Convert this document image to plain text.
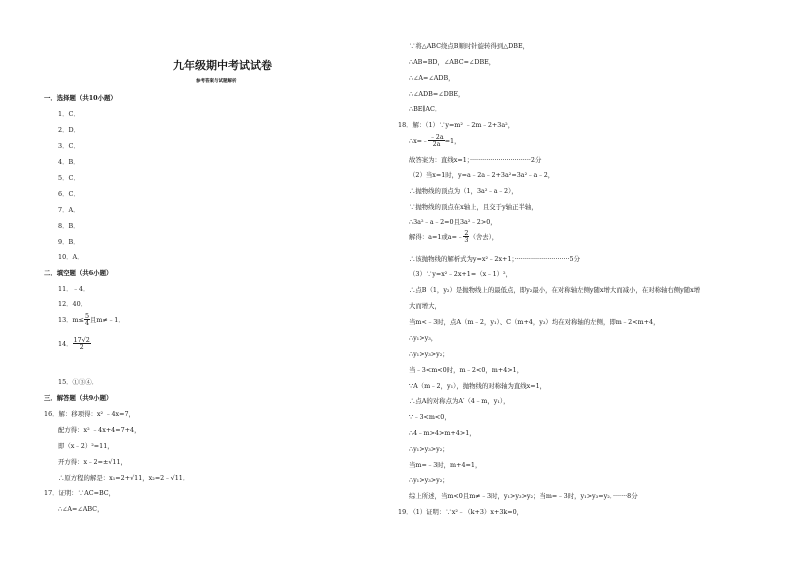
九年级期中考试试卷
参考答案与试题解析
一．选择题（共10小题）
1．C．
2．D．
3．C．
4．B．
5．C．
6．C．
7．A．
8．B．
9．B．
10．A．
二．填空题（共6小题）
11．﹣4．
12．40．
13．$m\le \frac{5}{4}$ 且m≠﹣1．
14． $\frac{17√2}{2}$
15．①③④．
三．解答题（共9小题）
16．解：移项得：x² ﹣4x=7，
配方得：x² ﹣4x+4=7+4，
即（x﹣2）²=11，
开方得：x﹣2=±√11，
∴原方程的解是：x₁=2+√11，x₂=2﹣√11．
17．证明：∵AC=BC，
∴∠A=∠ABC，
∵将△ABC绕点B顺时针旋转得到△DBE，
∴AB=BD，∠ABC=∠DBE，
∴∠A=∠ADB，
∴∠ADB=∠DBE，
∴BE∥AC．
18．解：（1）∵y=m² ﹣2m﹣2+3a²，
∴x=﹣ $\frac{﹣2a}{2a} =1$，
故答案为：直线x=1；······························2分
（2）当x=1时，y=a﹣2a﹣2+3a²=3a²﹣a﹣2，
∴抛物线的顶点为（1，3a²﹣a﹣2），
∵抛物线的顶点在x轴上，且交于y轴正半轴，
∴3a²﹣a﹣2=0且3a²﹣2>0，
解得：a=1或a=﹣ $\frac{2}{3}$ （舍去），
∴该抛物线的解析式为y=x²﹣2x+1；···························5分
（3）∵y=x²﹣2x+1=（x﹣1）²，
∴点B（1，y₂）是抛物线上的最低点，即y₂最小，在对称轴左侧y随x增大而减小，在对称轴右侧y随x增
大而增大，
当m<﹣3时，点A（m﹣2，y₁）、C（m+4，y₃）均在对称轴的左侧，即m﹣2<m+4，
∴y₁>y₃，
∴y₁>y₃>y₂；
当﹣3<m<0时，m﹣2<0，m+4>1，
∵A（m﹣2，y₁），抛物线的对称轴为直线x=1，
∴点A的对称点为A′（4﹣m，y₁），
∵﹣3<m<0，
∴4﹣m>4>m+4>1，
∴y₁>y₃>y₂；
当m=﹣3时，m+4=1，
∴y₁>y₃>y₂；
综上所述，当m<0且m≠﹣3时，y₁>y₃>y₂；当m=﹣3时，y₁>y₃=y₂．·······8分
19．（1）证明：∵x²﹣（k+3）x+3k=0，
